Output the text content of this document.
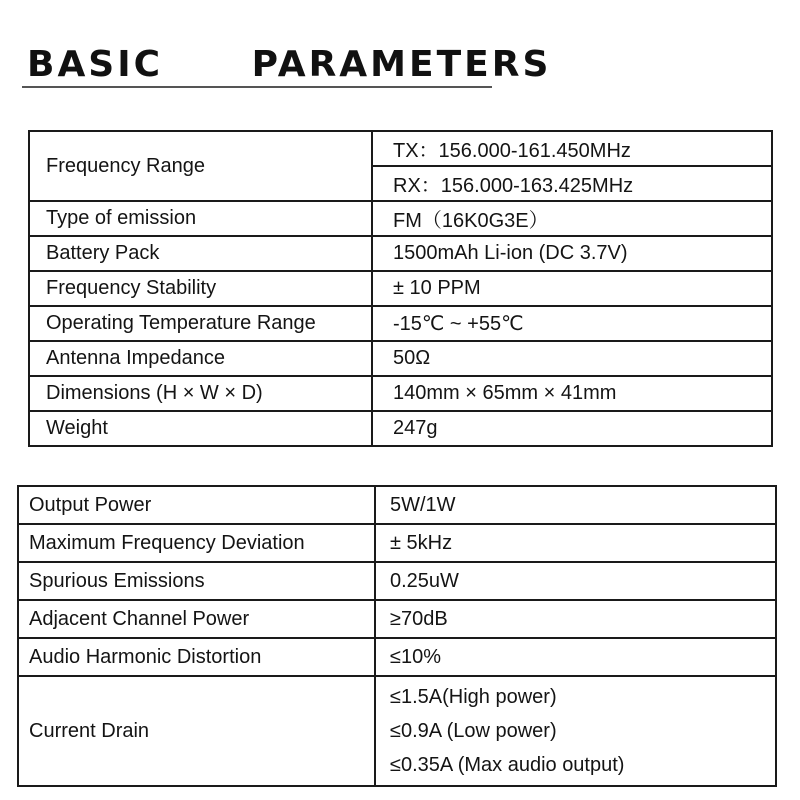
BASIC   PARAMETERS
Frequency Range	TX：156.000-161.450MHz
	RX：156.000-163.425MHz
Type of emission	FM（16K0G3E）
Battery Pack	1500mAh Li-ion (DC 3.7V)
Frequency Stability	± 10 PPM
Operating Temperature Range	-15℃ ~ +55℃
Antenna Impedance	50Ω
Dimensions (H × W × D)	140mm × 65mm × 41mm
Weight	247g
Output Power	5W/1W
Maximum Frequency Deviation	± 5kHz
Spurious Emissions	0.25uW
Adjacent Channel Power	≥70dB
Audio Harmonic Distortion	≤10%
Current Drain	≤1.5A(High power)
≤0.9A (Low power)
≤0.35A (Max audio output)
